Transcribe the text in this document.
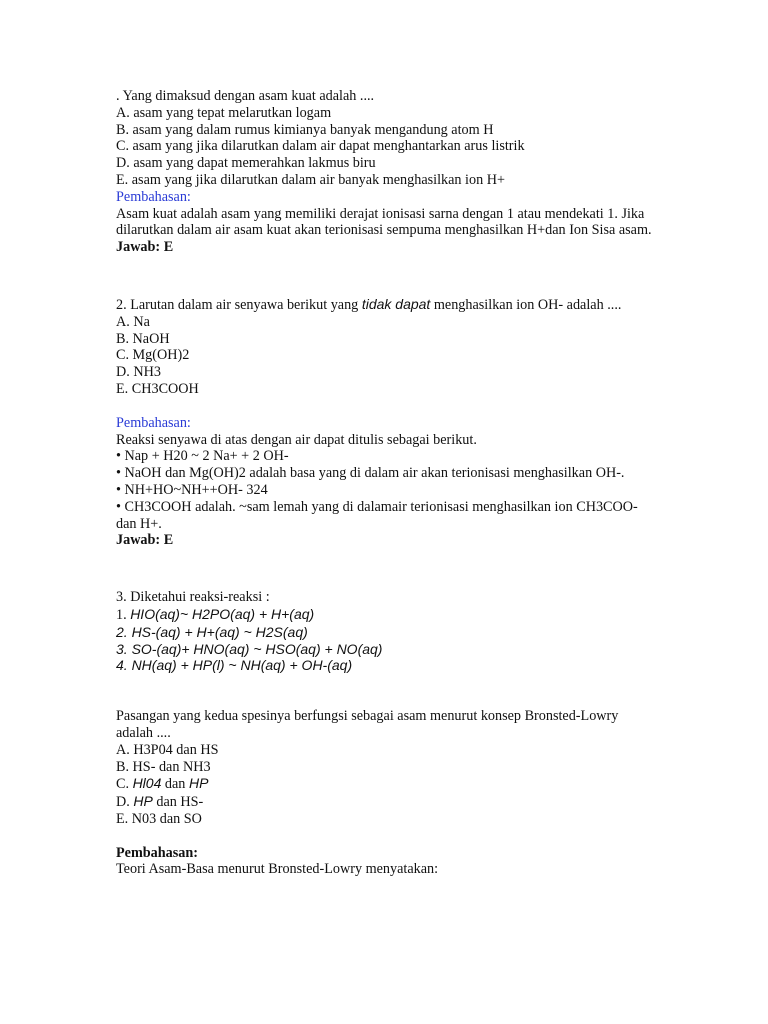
. Yang dimaksud dengan asam kuat adalah ....
A. asam yang tepat melarutkan logam
B. asam yang dalam rumus kimianya banyak mengandung atom H
C. asam yang jika dilarutkan dalam air dapat menghantarkan arus listrik
D. asam yang dapat memerahkan lakmus biru
E. asam yang jika dilarutkan dalam air banyak menghasilkan ion H+
Pembahasan:
Asam kuat adalah asam yang memiliki derajat ionisasi sarna dengan 1 atau mendekati 1. Jika dilarutkan dalam air asam kuat akan terionisasi sempuma menghasilkan H+dan Ion Sisa asam.
Jawab: E
2. Larutan dalam air senyawa berikut yang tidak dapat menghasilkan ion OH- adalah ....
A. Na
B. NaOH
C. Mg(OH)2
D. NH3
E. CH3COOH
Pembahasan:
Reaksi senyawa di atas dengan air dapat ditulis sebagai berikut.
• Nap + H20 ~ 2 Na+ + 2 OH-
• NaOH dan Mg(OH)2 adalah basa yang di dalam air akan terionisasi menghasilkan OH-.
• NH+HO~NH++OH- 324
• CH3COOH adalah. ~sam lemah yang di dalamair terionisasi menghasilkan ion CH3COO- dan H+.
Jawab: E
3. Diketahui reaksi-reaksi :
1. HIO(aq)~ H2PO(aq) + H+(aq)
2. HS-(aq) + H+(aq) ~ H2S(aq)
3. SO-(aq)+ HNO(aq) ~ HSO(aq) + NO(aq)
4. NH(aq) + HP(l) ~ NH(aq) + OH-(aq)
Pasangan yang kedua spesinya berfungsi sebagai asam menurut konsep Bronsted-Lowry
adalah ....
A. H3P04 dan HS
B. HS- dan NH3
C. Hl04 dan HP
D. HP dan HS-
E. N03 dan SO
Pembahasan:
Teori Asam-Basa menurut Bronsted-Lowry menyatakan:
